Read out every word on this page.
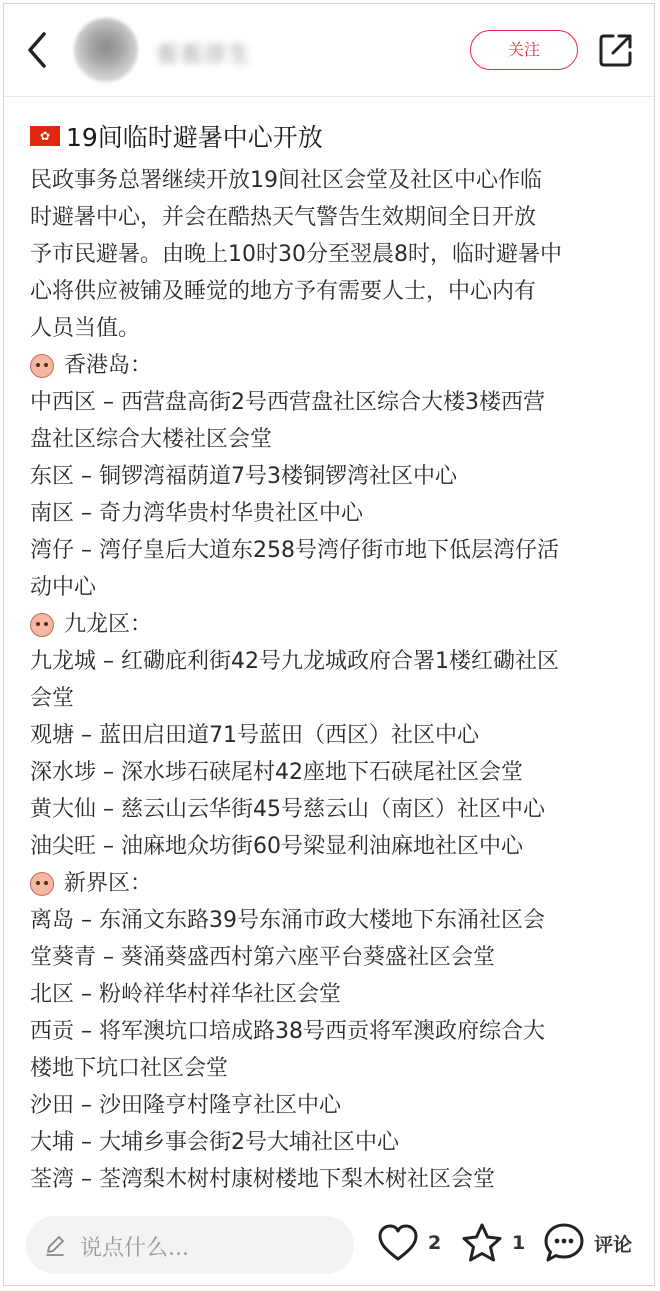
看看淳生	关注
✿ 19间临时避暑中心开放
民政事务总署继续开放19间社区会堂及社区中心作临
时避暑中心，并会在酷热天气警告生效期间全日开放
予市民避暑。由晚上10时30分至翌晨8时，临时避暑中
心将供应被铺及睡觉的地方予有需要人士，中心内有
人员当值。
香港岛：
中西区 – 西营盘高街2号西营盘社区综合大楼3楼西营
盘社区综合大楼社区会堂
东区 – 铜锣湾福荫道7号3楼铜锣湾社区中心
南区 – 奇力湾华贵村华贵社区中心
湾仔 – 湾仔皇后大道东258号湾仔街市地下低层湾仔活
动中心
九龙区：
九龙城 – 红磡庇利街42号九龙城政府合署1楼红磡社区
会堂
观塘 – 蓝田启田道71号蓝田（西区）社区中心
深水埗 – 深水埗石硖尾村42座地下石硖尾社区会堂
黄大仙 – 慈云山云华街45号慈云山（南区）社区中心
油尖旺 – 油麻地众坊街60号梁显利油麻地社区中心
新界区：
离岛 – 东涌文东路39号东涌市政大楼地下东涌社区会
堂葵青 – 葵涌葵盛西村第六座平台葵盛社区会堂
北区 – 粉岭祥华村祥华社区会堂
西贡 – 将军澳坑口培成路38号西贡将军澳政府综合大
楼地下坑口社区会堂
沙田 – 沙田隆亨村隆亨社区中心
大埔 – 大埔乡事会街2号大埔社区中心
荃湾 – 荃湾梨木树村康树楼地下梨木树社区会堂
说点什么...	2	1	评论
